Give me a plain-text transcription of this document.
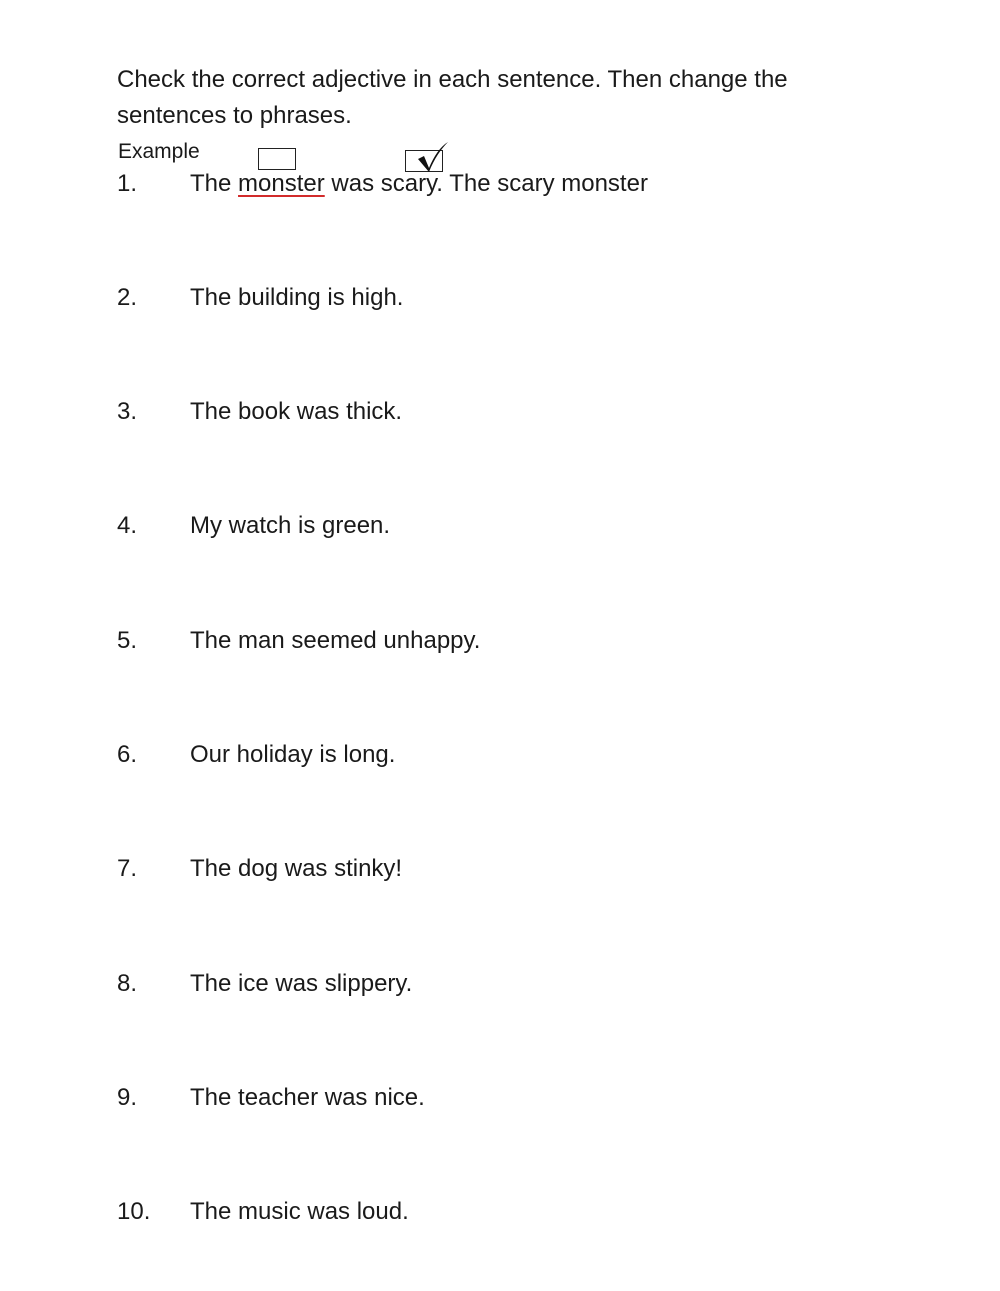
Check the correct adjective in each sentence. Then change the sentences to phrases.

Example
1. The monster was scary. The scary monster
2. The building is high.
3. The book was thick.
4. My watch is green.
5. The man seemed unhappy.
6. Our holiday is long.
7. The dog was stinky!
8. The ice was slippery.
9. The teacher was nice.
10. The music was loud.
